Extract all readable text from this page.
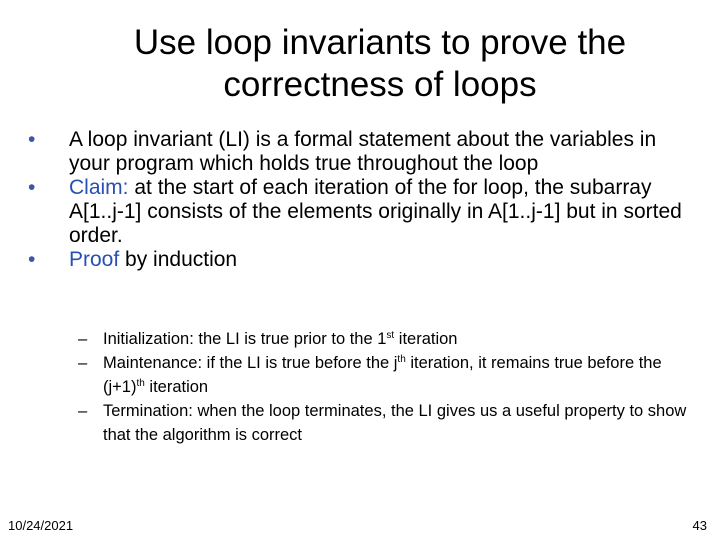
Use loop invariants to prove the
correctness of loops
• A loop invariant (LI) is a formal statement about the variables in your program which holds true throughout the loop
• Claim: at the start of each iteration of the for loop, the subarray A[1..j-1] consists of the elements originally in A[1..j-1] but in sorted order.
• Proof by induction
– Initialization: the LI is true prior to the 1st iteration
– Maintenance: if the LI is true before the $j^{th}$ iteration, it remains true before the $(j+1)^{th}$ iteration
– Termination: when the loop terminates, the LI gives us a useful property to show that the algorithm is correct
10/24/2021	43
